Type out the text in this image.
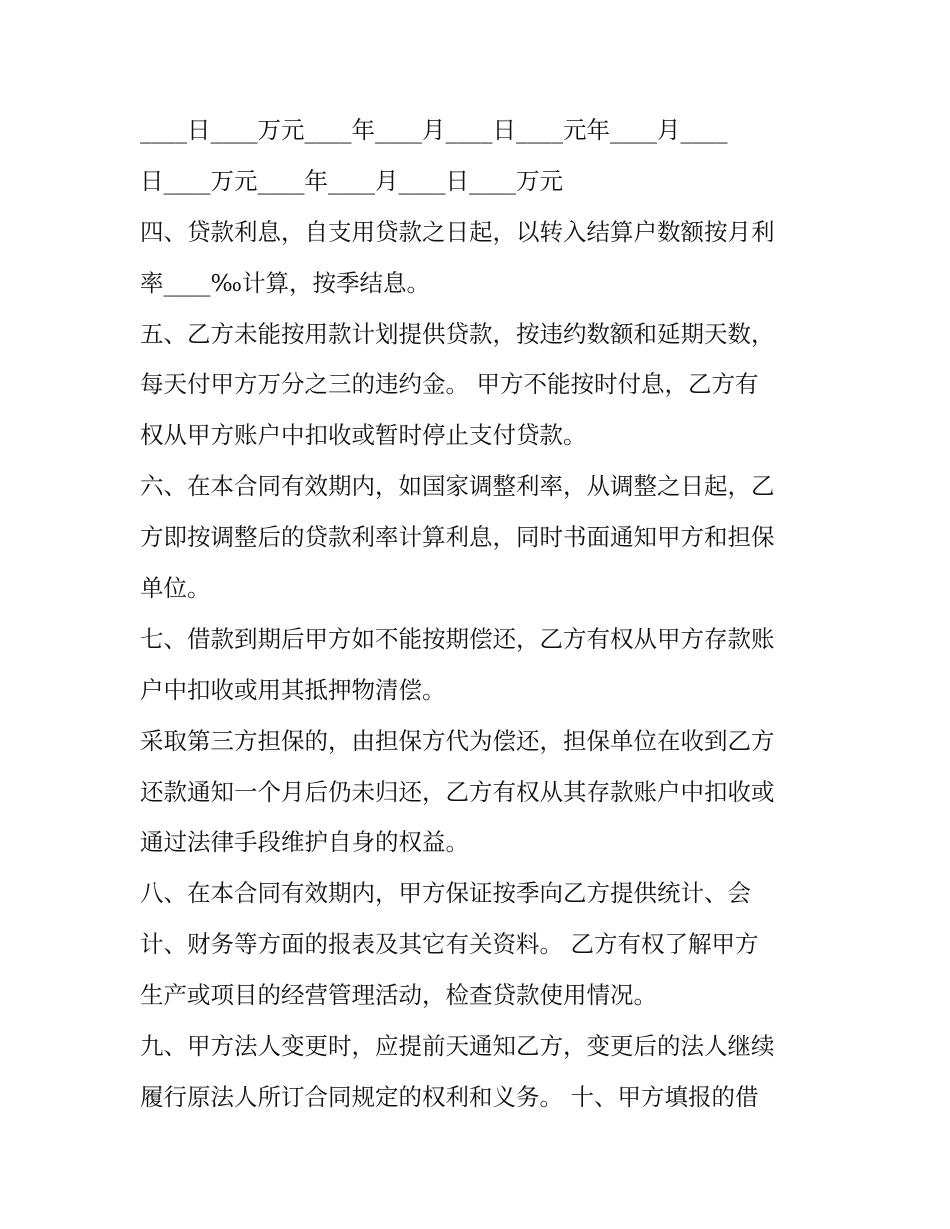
____日____万元____年____月____日____元年____月____
日____万元____年____月____日____万元
四、贷款利息，自支用贷款之日起，以转入结算户数额按月利
率____‰计算，按季结息。
五、乙方未能按用款计划提供贷款，按违约数额和延期天数，
每天付甲方万分之三的违约金。 甲方不能按时付息，乙方有
权从甲方账户中扣收或暂时停止支付贷款。
六、在本合同有效期内，如国家调整利率，从调整之日起，乙
方即按调整后的贷款利率计算利息，同时书面通知甲方和担保
单位。
七、借款到期后甲方如不能按期偿还，乙方有权从甲方存款账
户中扣收或用其抵押物清偿。
采取第三方担保的，由担保方代为偿还，担保单位在收到乙方
还款通知一个月后仍未归还，乙方有权从其存款账户中扣收或
通过法律手段维护自身的权益。
八、在本合同有效期内，甲方保证按季向乙方提供统计、会
计、财务等方面的报表及其它有关资料。 乙方有权了解甲方
生产或项目的经营管理活动，检查贷款使用情况。
九、甲方法人变更时，应提前天通知乙方，变更后的法人继续
履行原法人所订合同规定的权利和义务。 十、甲方填报的借
